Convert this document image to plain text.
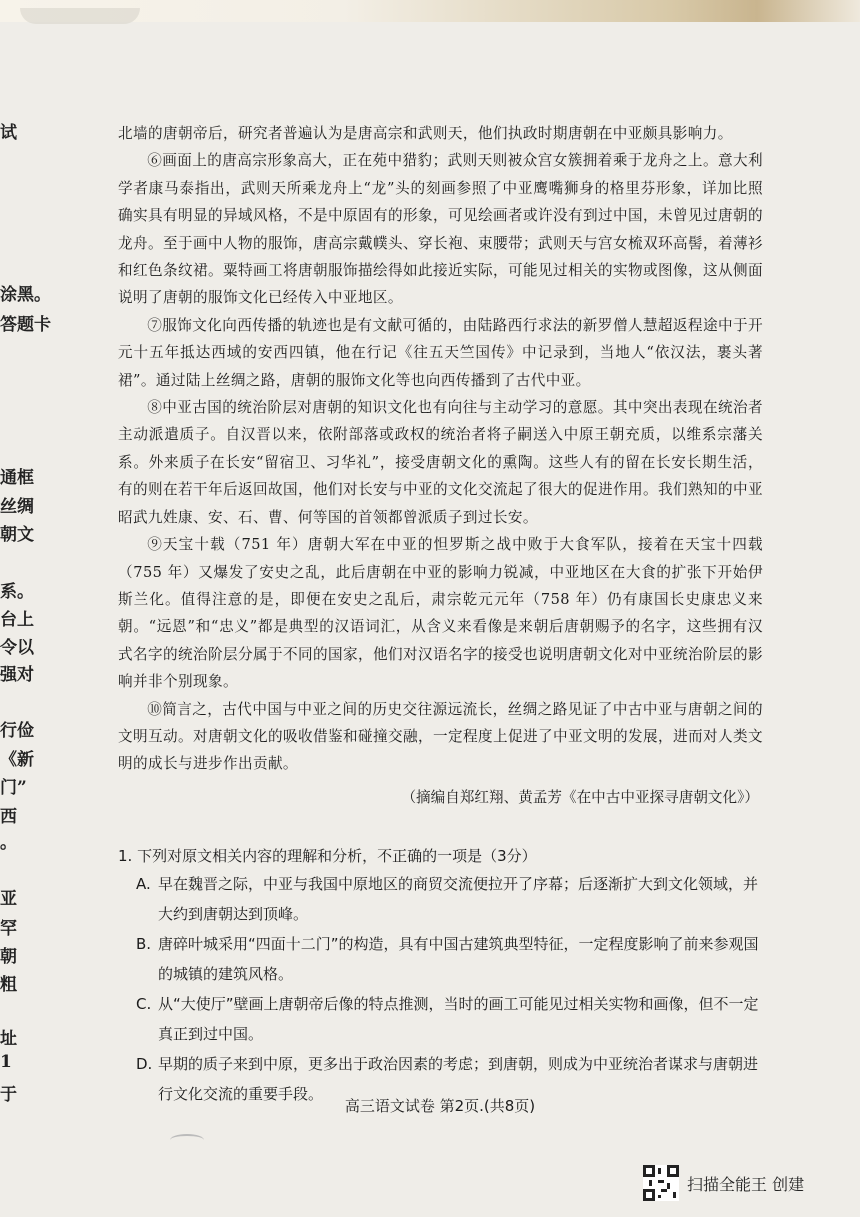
试
涂黑。
答题卡
通框
丝绸
朝文
系。
台上
令以
强对
行俭
《新
门”
西
。
亚
罕
朝
粗
址
1
于

北墙的唐朝帝后，研究者普遍认为是唐高宗和武则天，他们执政时期唐朝在中亚颇具影响力。

⑥画面上的唐高宗形象高大，正在苑中猎豹；武则天则被众宫女簇拥着乘于龙舟之上。意大利学者康马泰指出，武则天所乘龙舟上“龙”头的刻画参照了中亚鹰嘴狮身的格里芬形象，详加比照确实具有明显的异域风格，不是中原固有的形象，可见绘画者或许没有到过中国，未曾见过唐朝的龙舟。至于画中人物的服饰，唐高宗戴幞头、穿长袍、束腰带；武则天与宫女梳双环高髻，着薄衫和红色条纹裙。粟特画工将唐朝服饰描绘得如此接近实际，可能见过相关的实物或图像，这从侧面说明了唐朝的服饰文化已经传入中亚地区。

⑦服饰文化向西传播的轨迹也是有文献可循的，由陆路西行求法的新罗僧人慧超返程途中于开元十五年抵达西域的安西四镇，他在行记《往五天竺国传》中记录到，当地人“依汉法，裹头著裙”。通过陆上丝绸之路，唐朝的服饰文化等也向西传播到了古代中亚。

⑧中亚古国的统治阶层对唐朝的知识文化也有向往与主动学习的意愿。其中突出表现在统治者主动派遣质子。自汉晋以来，依附部落或政权的统治者将子嗣送入中原王朝充质，以维系宗藩关系。外来质子在长安“留宿卫、习华礼”，接受唐朝文化的熏陶。这些人有的留在长安长期生活，有的则在若干年后返回故国，他们对长安与中亚的文化交流起了很大的促进作用。我们熟知的中亚昭武九姓康、安、石、曹、何等国的首领都曾派质子到过长安。

⑨天宝十载（751 年）唐朝大军在中亚的怛罗斯之战中败于大食军队，接着在天宝十四载（755 年）又爆发了安史之乱，此后唐朝在中亚的影响力锐减，中亚地区在大食的扩张下开始伊斯兰化。值得注意的是，即便在安史之乱后，肃宗乾元元年（758 年）仍有康国长史康忠义来朝。“远恩”和“忠义”都是典型的汉语词汇，从含义来看像是来朝后唐朝赐予的名字，这些拥有汉式名字的统治阶层分属于不同的国家，他们对汉语名字的接受也说明唐朝文化对中亚统治阶层的影响并非个别现象。

⑩简言之，古代中国与中亚之间的历史交往源远流长，丝绸之路见证了中古中亚与唐朝之间的文明互动。对唐朝文化的吸收借鉴和碰撞交融，一定程度上促进了中亚文明的发展，进而对人类文明的成长与进步作出贡献。

（摘编自郑红翔、黄孟芳《在中古中亚探寻唐朝文化》）

1. 下列对原文相关内容的理解和分析，不正确的一项是（3分）

A. 早在魏晋之际，中亚与我国中原地区的商贸交流便拉开了序幕；后逐渐扩大到文化领域，并大约到唐朝达到顶峰。
B. 唐碎叶城采用“四面十二门”的构造，具有中国古建筑典型特征，一定程度影响了前来参观国的城镇的建筑风格。
C. 从“大使厅”壁画上唐朝帝后像的特点推测，当时的画工可能见过相关实物和画像，但不一定真正到过中国。
D. 早期的质子来到中原，更多出于政治因素的考虑；到唐朝，则成为中亚统治者谋求与唐朝进行文化交流的重要手段。
高三语文试卷 第2页.(共8页)
扫描全能王 创建
